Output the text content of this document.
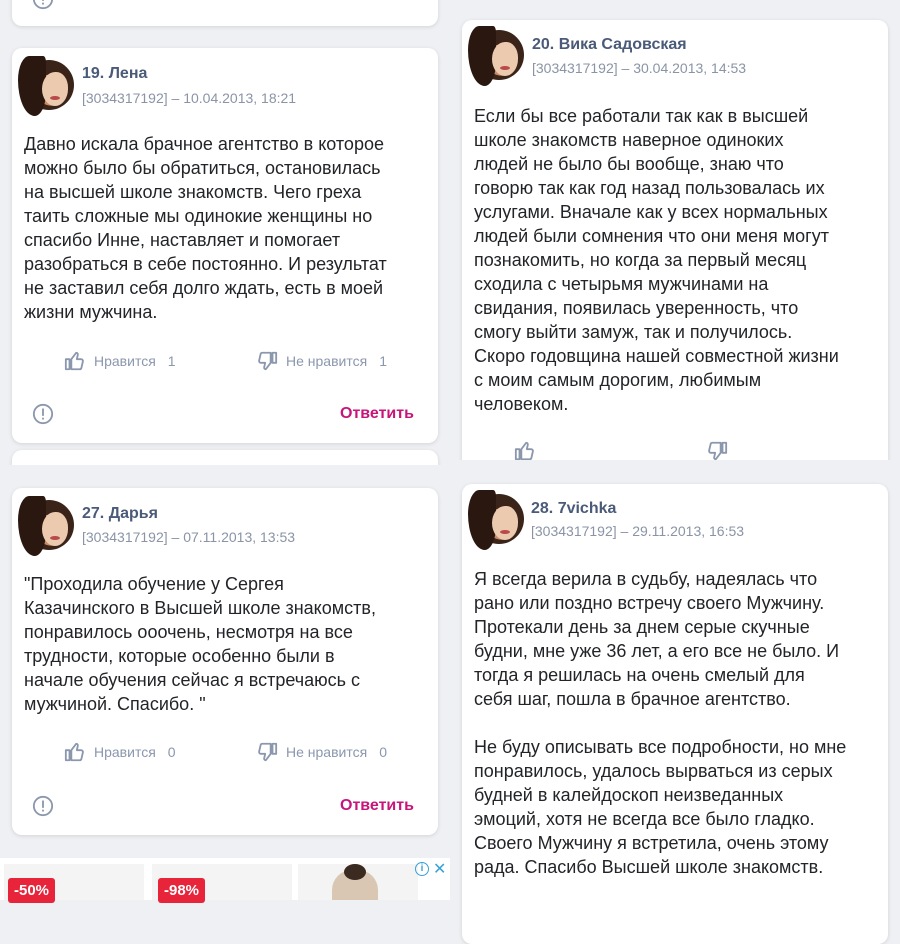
19. Лена
[3034317192] – 10.04.2013, 18:21
Давно искала брачное агентство в которое
можно было бы обратиться, остановилась
на высшей школе знакомств. Чего греха
таить сложные мы одинокие женщины но
спасибо Инне, наставляет и помогает
разобраться в себе постоянно. И результат
не заставил себя долго ждать, есть в моей
жизни мужчина.
Нравится 1	Не нравится 1
Ответить
20. Вика Садовская
[3034317192] – 30.04.2013, 14:53
Если бы все работали так как в высшей
школе знакомств наверное одиноких
людей не было бы вообще, знаю что
говорю так как год назад пользовалась их
услугами. Вначале как у всех нормальных
людей были сомнения что они меня могут
познакомить, но когда за первый месяц
сходила с четырьмя мужчинами на
свидания, появилась уверенность, что
смогу выйти замуж, так и получилось.
Скоро годовщина нашей совместной жизни
с моим самым дорогим, любимым
человеком.
27. Дарья
[3034317192] – 07.11.2013, 13:53
"Проходила обучение у Сергея
Казачинского в Высшей школе знакомств,
понравилось ооочень, несмотря на все
трудности, которые особенно были в
начале обучения сейчас я встречаюсь с
мужчиной. Спасибо. "
Нравится 0	Не нравится 0
Ответить
28. 7vichka
[3034317192] – 29.11.2013, 16:53
Я всегда верила в судьбу, надеялась что
рано или поздно встречу своего Мужчину.
Протекали день за днем серые скучные
будни, мне уже 36 лет, а его все не было. И
тогда я решилась на очень смелый для
себя шаг, пошла в брачное агентство.

Не буду описывать все подробности, но мне
понравилось, удалось вырваться из серых
будней в калейдоскоп неизведанных
эмоций, хотя не всегда все было гладко.
Своего Мужчину я встретила, очень этому
рада. Спасибо Высшей школе знакомств.
-50%	-98%
i ✕
